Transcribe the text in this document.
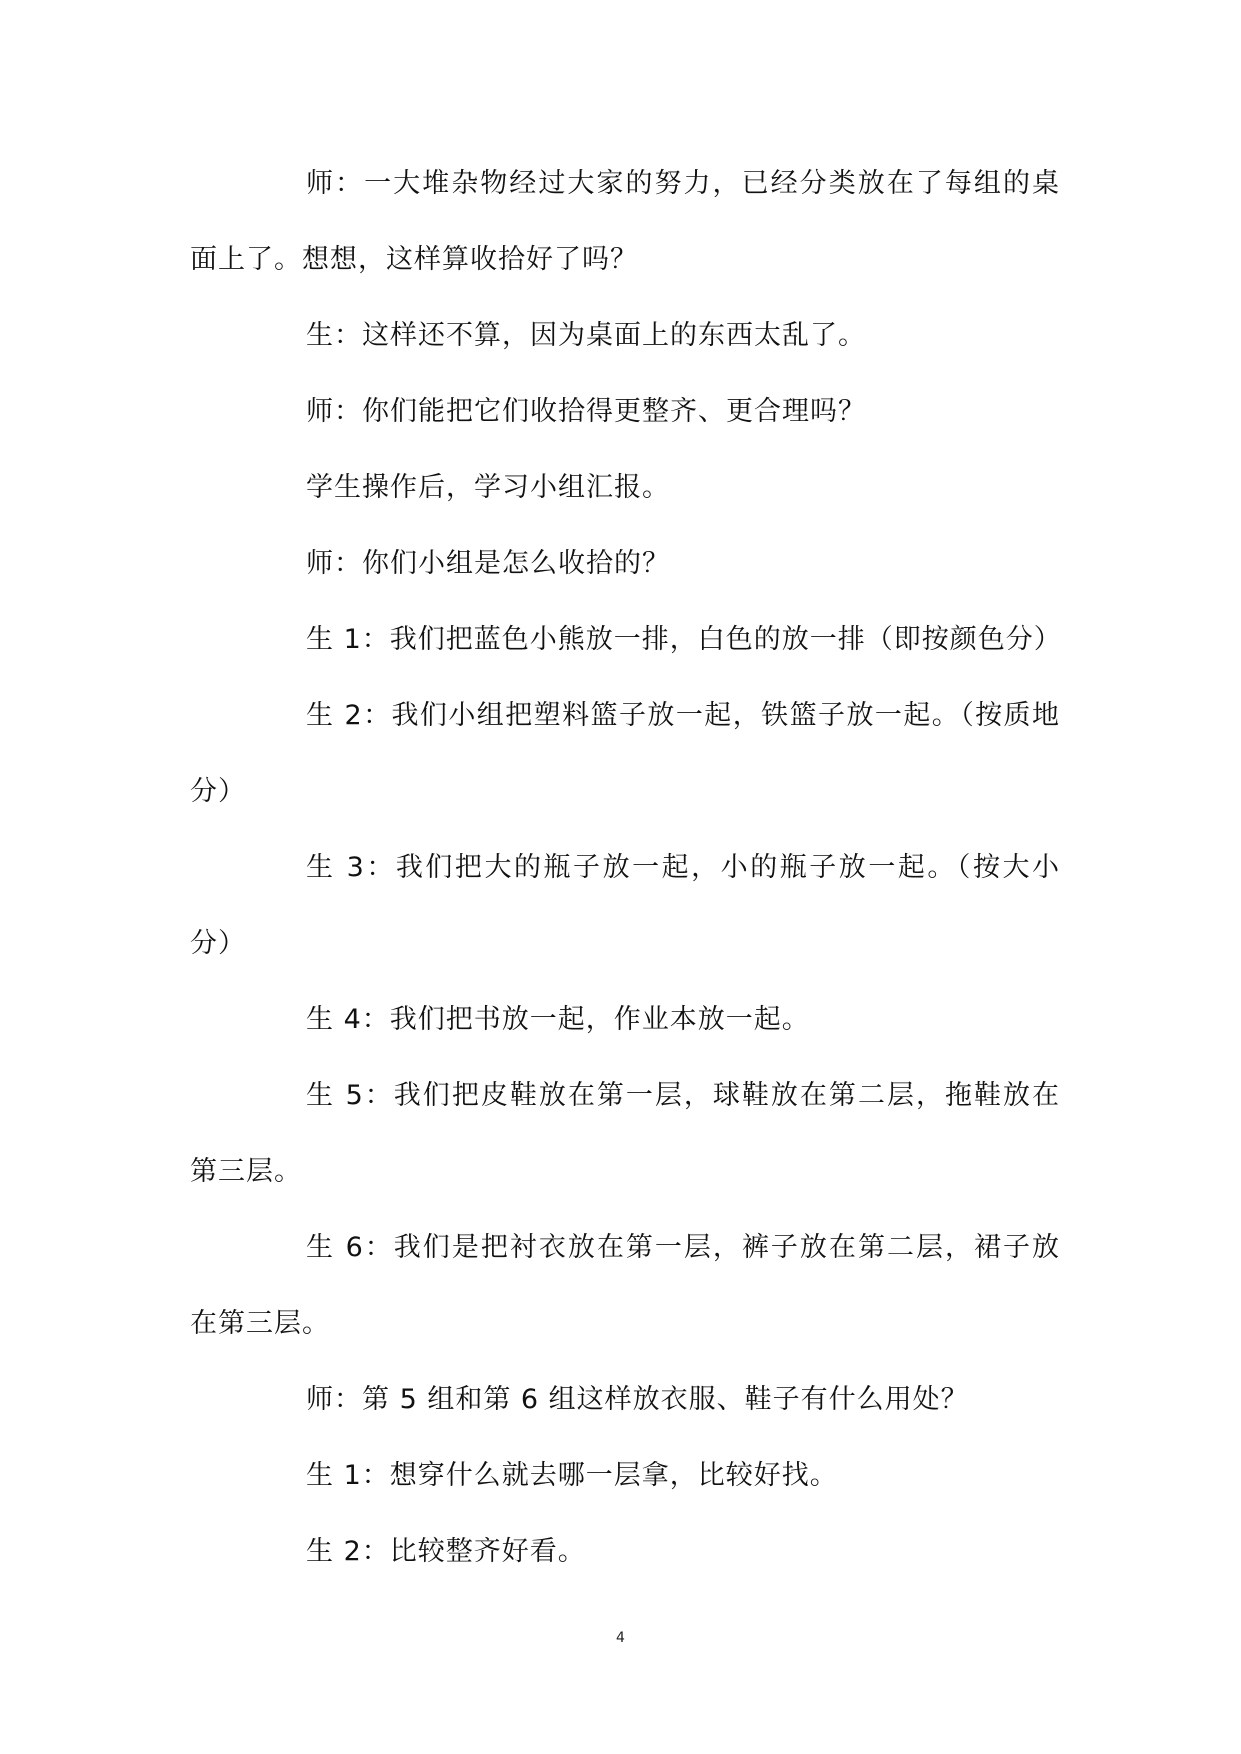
师：一大堆杂物经过大家的努力，已经分类放在了每组的桌面上了。想想，这样算收拾好了吗？

生：这样还不算，因为桌面上的东西太乱了。

师：你们能把它们收拾得更整齐、更合理吗？

学生操作后，学习小组汇报。

师：你们小组是怎么收拾的？

生 1：我们把蓝色小熊放一排，白色的放一排（即按颜色分）

生 2：我们小组把塑料篮子放一起，铁篮子放一起。（按质地分）

生 3：我们把大的瓶子放一起，小的瓶子放一起。（按大小分）

生 4：我们把书放一起，作业本放一起。

生 5：我们把皮鞋放在第一层，球鞋放在第二层，拖鞋放在第三层。

生 6：我们是把衬衣放在第一层，裤子放在第二层，裙子放在第三层。

师：第 5 组和第 6 组这样放衣服、鞋子有什么用处？

生 1：想穿什么就去哪一层拿，比较好找。

生 2：比较整齐好看。

4
